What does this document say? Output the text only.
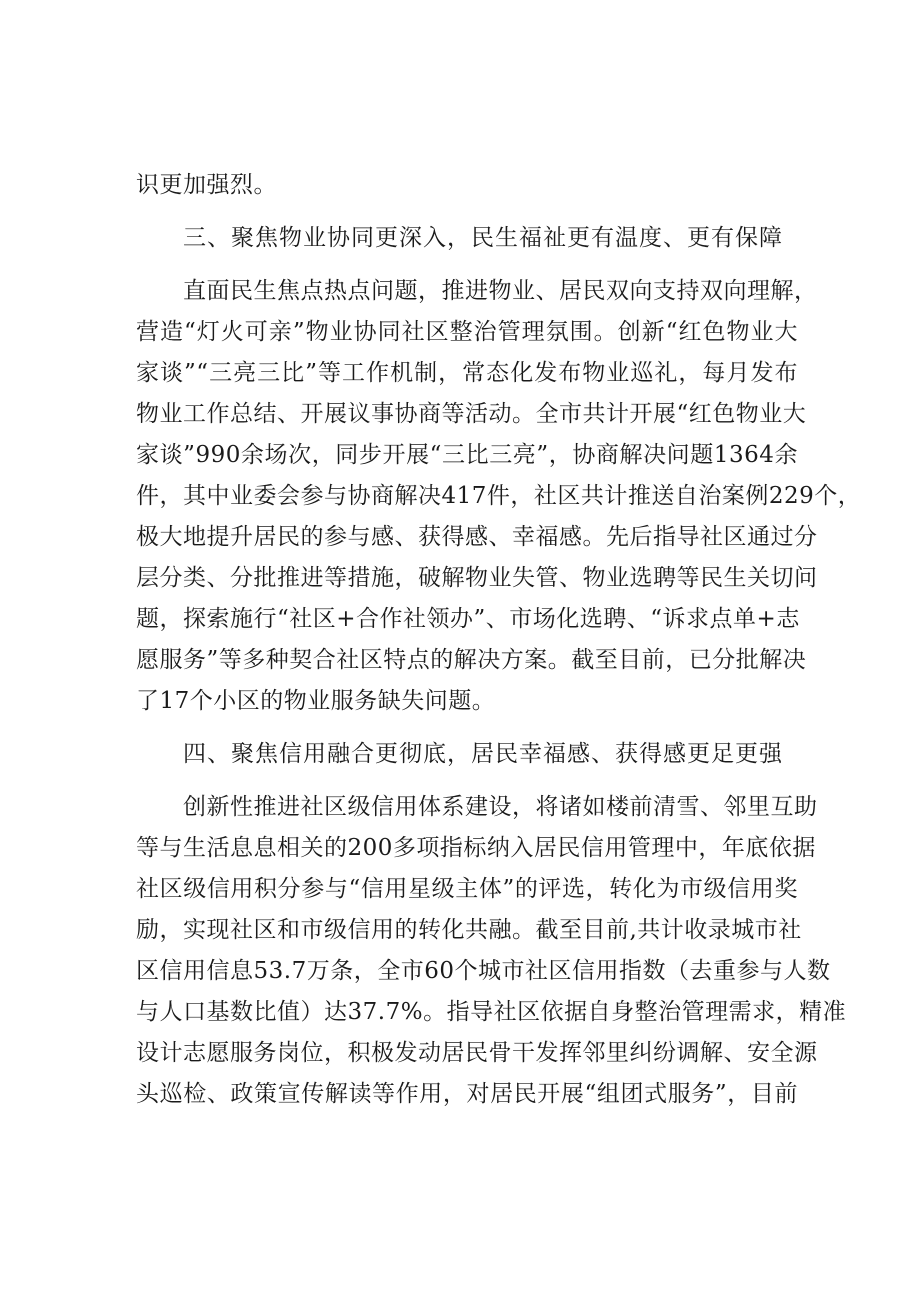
识更加强烈。
三、聚焦物业协同更深入，民生福祉更有温度、更有保障
直面民生焦点热点问题，推进物业、居民双向支持双向理解，
营造“灯火可亲”物业协同社区整治管理氛围。创新“红色物业大
家谈”“三亮三比”等工作机制，常态化发布物业巡礼，每月发布
物业工作总结、开展议事协商等活动。全市共计开展“红色物业大
家谈”990余场次，同步开展“三比三亮”，协商解决问题1364余
件，其中业委会参与协商解决417件，社区共计推送自治案例229个，
极大地提升居民的参与感、获得感、幸福感。先后指导社区通过分
层分类、分批推进等措施，破解物业失管、物业选聘等民生关切问
题，探索施行“社区+合作社领办”、市场化选聘、“诉求点单+志
愿服务”等多种契合社区特点的解决方案。截至目前，已分批解决
了17个小区的物业服务缺失问题。
四、聚焦信用融合更彻底，居民幸福感、获得感更足更强
创新性推进社区级信用体系建设，将诸如楼前清雪、邻里互助
等与生活息息相关的200多项指标纳入居民信用管理中，年底依据
社区级信用积分参与“信用星级主体”的评选，转化为市级信用奖
励，实现社区和市级信用的转化共融。截至目前,共计收录城市社
区信用信息53.7万条，全市60个城市社区信用指数（去重参与人数
与人口基数比值）达37.7%。指导社区依据自身整治管理需求，精准
设计志愿服务岗位，积极发动居民骨干发挥邻里纠纷调解、安全源
头巡检、政策宣传解读等作用，对居民开展“组团式服务”，目前
